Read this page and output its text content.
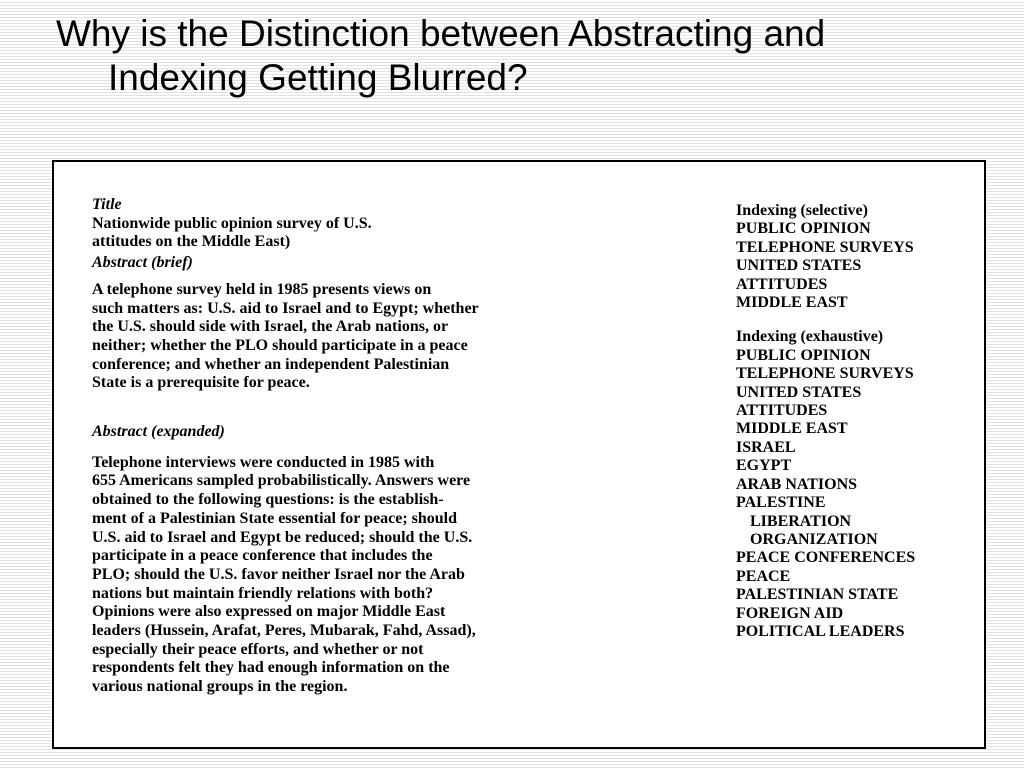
Why is the Distinction between Abstracting and
Indexing Getting Blurred?
Title
Nationwide public opinion survey of U.S.
attitudes on the Middle East)
Abstract (brief)
A telephone survey held in 1985 presents views on
such matters as: U.S. aid to Israel and to Egypt; whether
the U.S. should side with Israel, the Arab nations, or
neither; whether the PLO should participate in a peace
conference; and whether an independent Palestinian
State is a prerequisite for peace.
Abstract (expanded)
Telephone interviews were conducted in 1985 with
655 Americans sampled probabilistically. Answers were
obtained to the following questions: is the establish-
ment of a Palestinian State essential for peace; should
U.S. aid to Israel and Egypt be reduced; should the U.S.
participate in a peace conference that includes the
PLO; should the U.S. favor neither Israel nor the Arab
nations but maintain friendly relations with both?
Opinions were also expressed on major Middle East
leaders (Hussein, Arafat, Peres, Mubarak, Fahd, Assad),
especially their peace efforts, and whether or not
respondents felt they had enough information on the
various national groups in the region.
Indexing (selective)
PUBLIC OPINION
TELEPHONE SURVEYS
UNITED STATES
ATTITUDES
MIDDLE EAST
Indexing (exhaustive)
PUBLIC OPINION
TELEPHONE SURVEYS
UNITED STATES
ATTITUDES
MIDDLE EAST
ISRAEL
EGYPT
ARAB NATIONS
PALESTINE
LIBERATION
ORGANIZATION
PEACE CONFERENCES
PEACE
PALESTINIAN STATE
FOREIGN AID
POLITICAL LEADERS
